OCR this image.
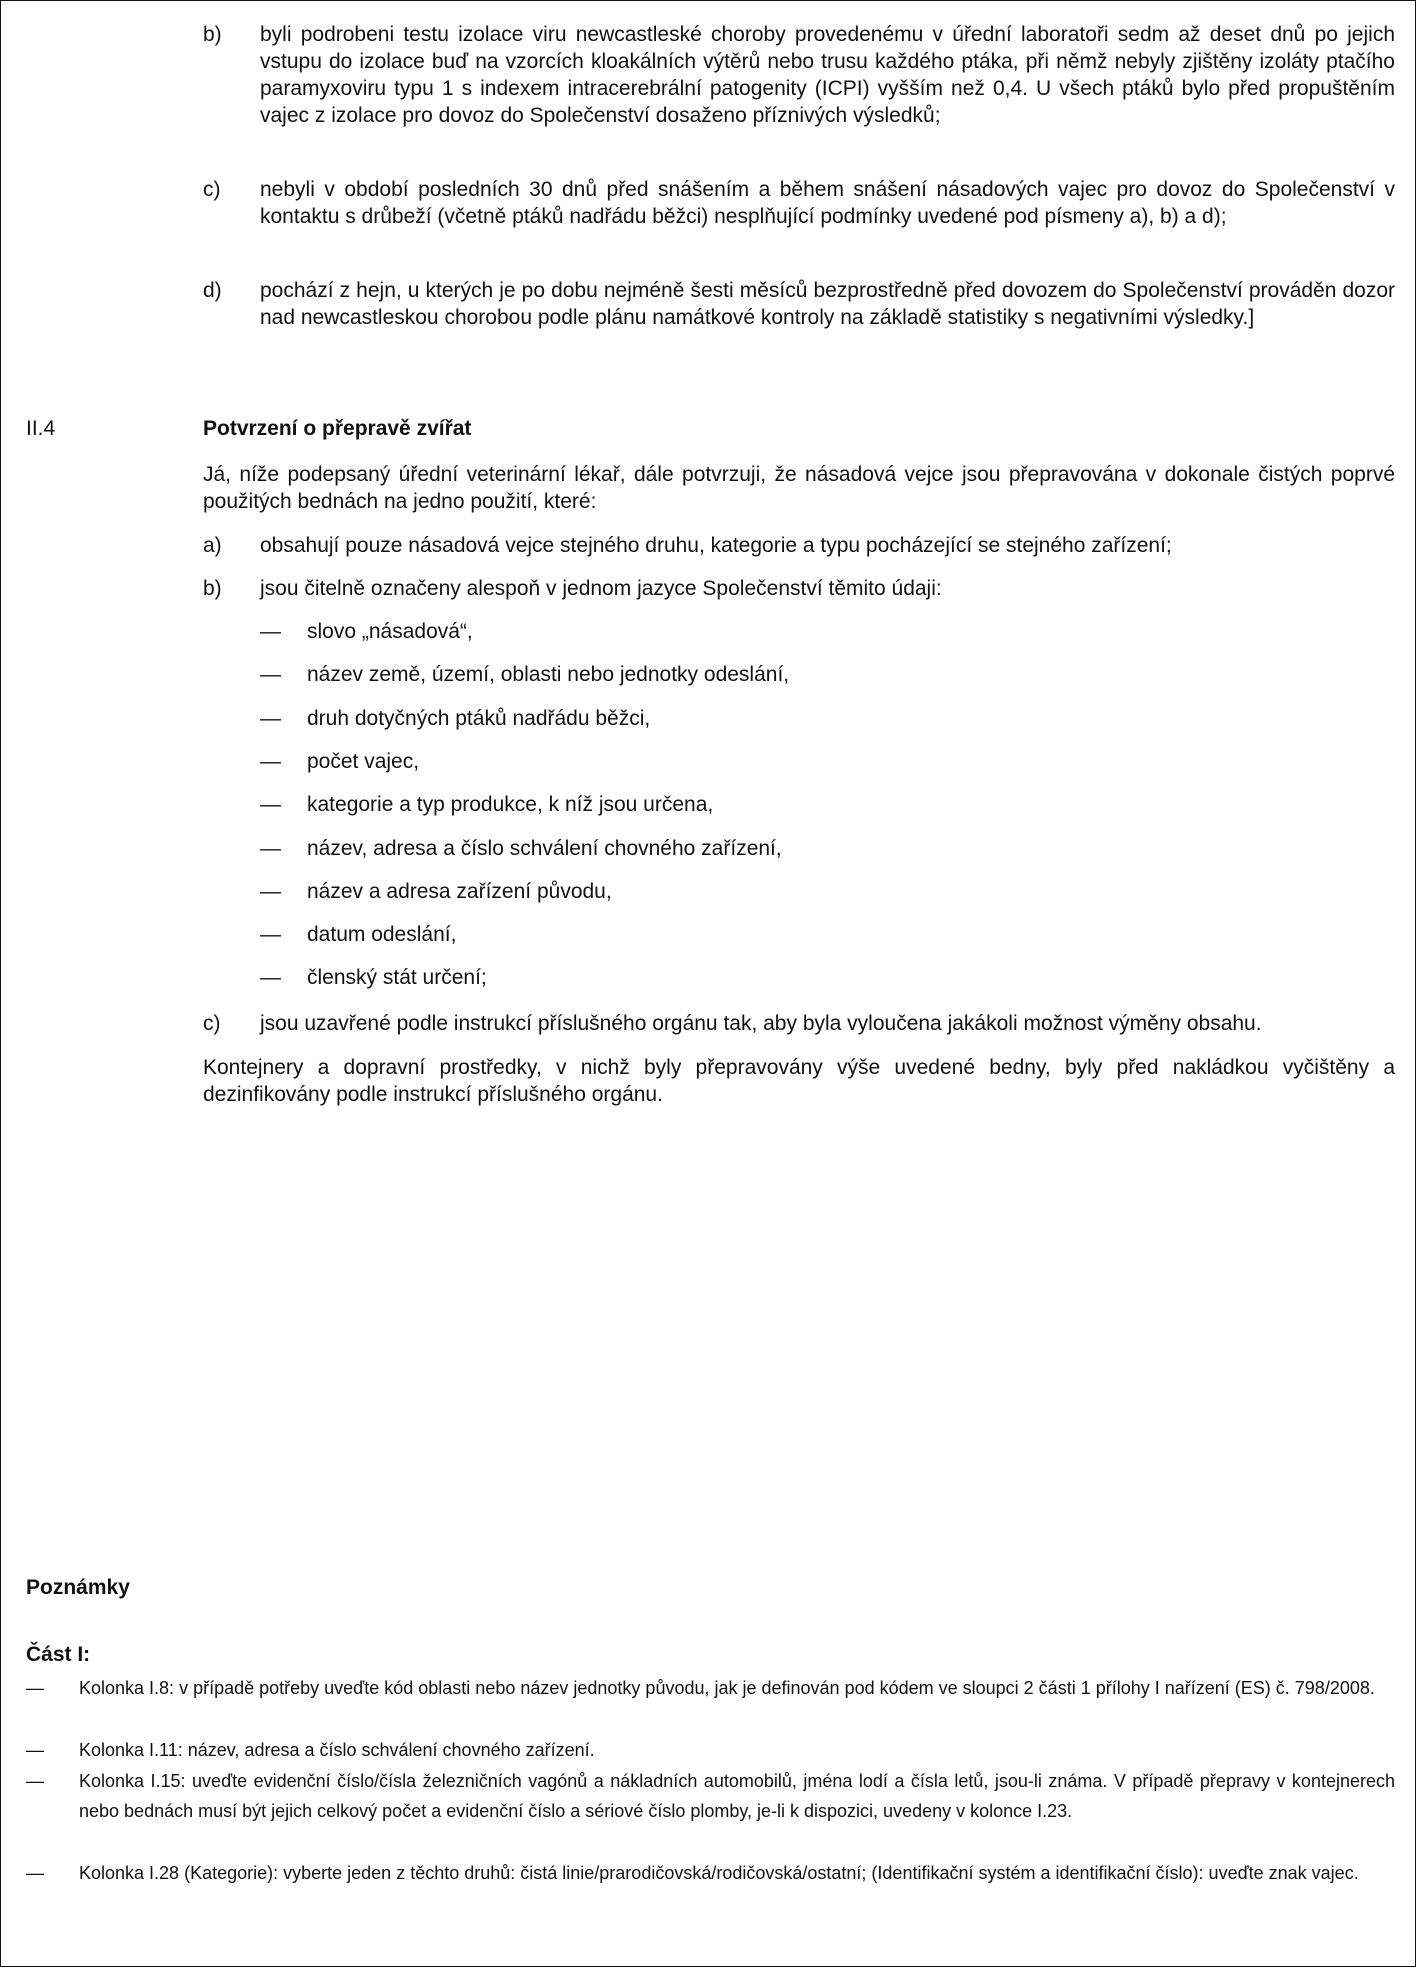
b) byli podrobeni testu izolace viru newcastleské choroby provedenému v úřední laboratoři sedm až deset dnů po jejich vstupu do izolace buď na vzorcích kloakálních výtěrů nebo trusu každého ptáka, při němž nebyly zjištěny izoláty ptačího paramyxoviru typu 1 s indexem intracerebrální patogenity (ICPI) vyšším než 0,4. U všech ptáků bylo před propuštěním vajec z izolace pro dovoz do Společenství dosaženo příznivých výsledků;
c) nebyli v období posledních 30 dnů před snášením a během snášení násadových vajec pro dovoz do Společenství v kontaktu s drůbeží (včetně ptáků nadřádu běžci) nesplňující podmínky uvedené pod písmeny a), b) a d);
d) pochází z hejn, u kterých je po dobu nejméně šesti měsíců bezprostředně před dovozem do Společenství prováděn dozor nad newcastleskou chorobou podle plánu namátkové kontroly na základě statistiky s negativními výsledky.]
II.4	Potvrzení o přepravě zvířat
Já, níže podepsaný úřední veterinární lékař, dále potvrzuji, že násadová vejce jsou přepravována v dokonale čistých poprvé použitých bednách na jedno použití, které:
a) obsahují pouze násadová vejce stejného druhu, kategorie a typu pocházející se stejného zařízení;
b) jsou čitelně označeny alespoň v jednom jazyce Společenství těmito údaji:
— slovo „násadová“,
— název země, území, oblasti nebo jednotky odeslání,
— druh dotyčných ptáků nadřádu běžci,
— počet vajec,
— kategorie a typ produkce, k níž jsou určena,
— název, adresa a číslo schválení chovného zařízení,
— název a adresa zařízení původu,
— datum odeslání,
— členský stát určení;
c) jsou uzavřené podle instrukcí příslušného orgánu tak, aby byla vyloučena jakákoli možnost výměny obsahu.
Kontejnery a dopravní prostředky, v nichž byly přepravovány výše uvedené bedny, byly před nakládkou vyčištěny a dezinfikovány podle instrukcí příslušného orgánu.
Poznámky
Část I:
— Kolonka I.8: v případě potřeby uveďte kód oblasti nebo název jednotky původu, jak je definován pod kódem ve sloupci 2 části 1 přílohy I nařízení (ES) č. 798/2008.
— Kolonka I.11: název, adresa a číslo schválení chovného zařízení.
— Kolonka I.15: uveďte evidenční číslo/čísla železničních vagónů a nákladních automobilů, jména lodí a čísla letů, jsou-li známa. V případě přepravy v kontejnerech nebo bednách musí být jejich celkový počet a evidenční číslo a sériové číslo plomby, je-li k dispozici, uvedeny v kolonce I.23.
— Kolonka I.28 (Kategorie): vyberte jeden z těchto druhů: čistá linie/prarodičovská/rodičovská/ostatní; (Identifikační systém a identifikační číslo): uveďte znak vajec.
